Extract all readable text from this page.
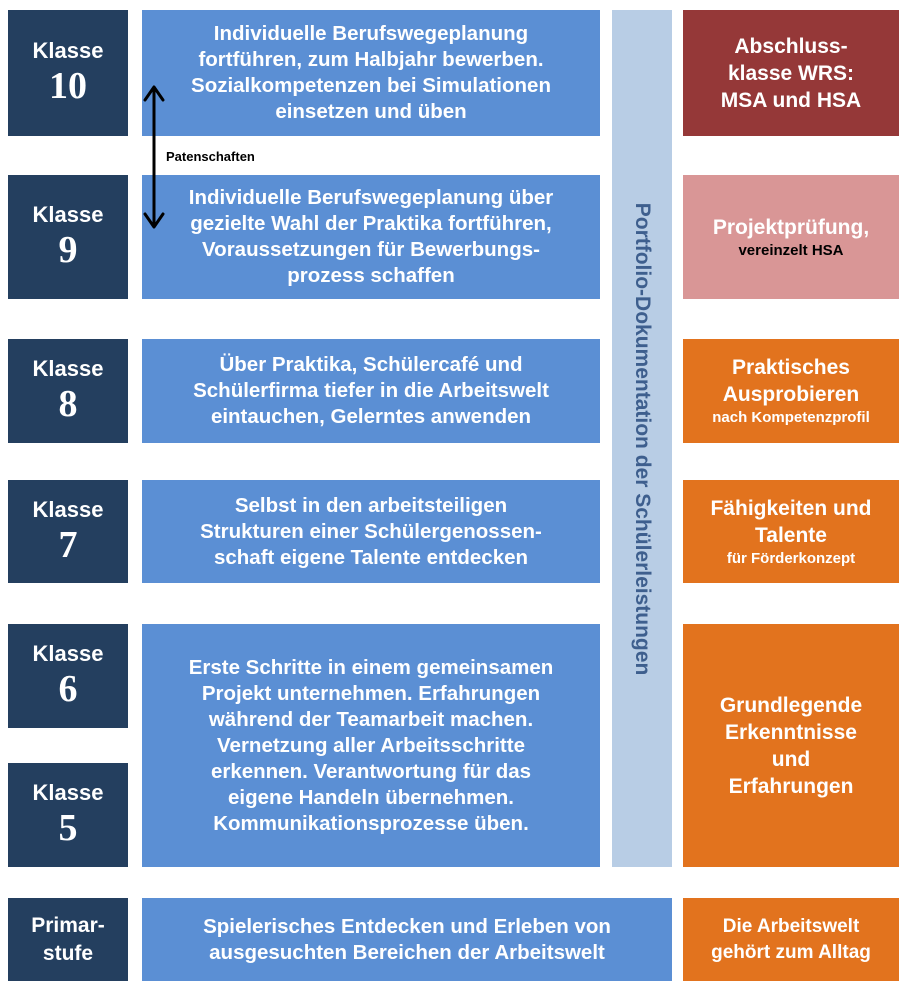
Klasse
10
Klasse
9
Klasse
8
Klasse
7
Klasse
6
Klasse
5
Primar-
stufe
Individuelle Berufswegeplanung
fortführen, zum Halbjahr bewerben.
Sozialkompetenzen bei Simulationen
einsetzen und üben
Individuelle Berufswegeplanung über
gezielte Wahl der Praktika fortführen,
Voraussetzungen für Bewerbungs-
prozess schaffen
Über Praktika, Schülercafé und
Schülerfirma tiefer in die Arbeitswelt
eintauchen, Gelerntes anwenden
Selbst in den arbeitsteiligen
Strukturen einer Schülergenossen-
schaft eigene Talente entdecken
Erste Schritte in einem gemeinsamen
Projekt unternehmen. Erfahrungen
während der Teamarbeit machen.
Vernetzung aller Arbeitsschritte
erkennen. Verantwortung für das
eigene Handeln übernehmen.
Kommunikationsprozesse üben.
Spielerisches Entdecken und Erleben von
ausgesuchten Bereichen der Arbeitswelt
Patenschaften
Portfolio-Dokumentation der Schülerleistungen
Abschluss-
klasse WRS:
MSA und HSA
Projektprüfung,
vereinzelt HSA
Praktisches
Ausprobieren
nach Kompetenzprofil
Fähigkeiten und
Talente
für Förderkonzept
Grundlegende
Erkenntnisse
und
Erfahrungen
Die Arbeitswelt
gehört zum Alltag
